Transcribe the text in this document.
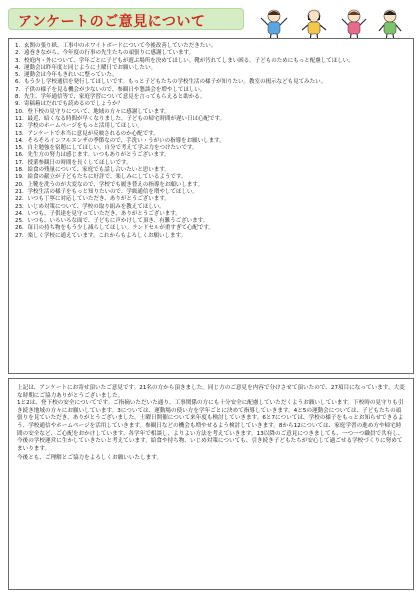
アンケートのご意見について
1．玄関の張り紙、工事中のホワイトボードについて今後改善していただきたい。
2．遠巻きながら、今年度の行事の先生たちの頑張りに感謝しています。
3．校庭内・外について、学年ごとに子どもが遊ぶ場所を決めてほしい。靴が汚れてしまい困る。子どものためにもっと配慮してほしい。
4．運動会は昨年度と同じように土曜日でお願いしたい。
5．運動会は今年もきれいに整っていた。
6．もう少し学校通信を発行してほしいです。もっと子どもたちの学校生活の様子が知りたい。教室の掲示なども見てみたい。
7．子供の様子を見る機会が少ないので、参観日や懇談会を増やしてほしい。
8．先生、学年通信等で、家庭学習について意見を言ってもらえると助かる。
9．寄稿箱はだれでも読めるのでしょうか？
10．登下校の見守りについて、地域の方々に感謝しています。
11．最近、暗くなる時間が早くなりました。子どもの帰宅時間が遅い日は心配です。
12．学校のホームページをもっと活用してほしい。
13．アンケートで本当に意見が反映されるのか心配です。
14．そろそろインフルエンザの季節なので、手洗い・うがいの指導をお願いします。
15．自主勉強を宿題にしてほしい。自分で考えて学ぶ力をつけたいです。
16．先生方の努力は感じます。いつもありがとうございます。
17．授業参観日の時間を長くしてほしいです。
18．給食の残量について、家庭でも話し合いたいと思います。
19．給食の献立が子どもたちに好評で、楽しみにしているようです。
20．上靴を洗うのが大変なので、学校でも履き替えの指導をお願いします。
21．学校生活の様子をもっと知りたいので、学級通信を増やしてほしい。
22．いつも丁寧に対応していただき、ありがとうございます。
23．いじめ対策について、学校の取り組みを教えてほしい。
24．いつも、子供達を見守っていただき、ありがとうございます。
25．いつも、いろいろな面で、子どもに声かけして頂き、有難うございます。
26．毎日の持ち物をもう少し減らしてほしい。ランドセルが重すぎて心配です。
27．楽しく学校に通えています。これからもよろしくお願いします。

上記は、アンケートにお寄せ頂いたご意見です。21名の方から頂きました。同じ方のご意見を内容で分けさせて頂いたので、27項目になっています。大変な時期にご協力ありがとうございました。

1と2は、登下校の安全についてです。ご指摘いただいた通り、工事関係の方にも十分安全に配慮していただくようお願いしています。下校時の見守りも引き続き地域の方々にお願いしています。3については、運動場の使い方を学年ごとに決めて指導していきます。4と5の運動会については、子どもたちの頑張りを見ていただき、ありがとうございました。土曜日開催について来年度も検討していきます。6と7については、学校の様子をもっとお知らせできるよう、学校通信やホームページを活用していきます。参観日などの機会も増やせるよう検討していきます。8から12については、家庭学習の進め方や帰宅時間の安全など、ご心配をおかけしています。各学年で相談し、よりよい方法を考えていきます。13以降のご意見につきましても、一つ一つ職員で共有し、今後の学校運営に生かしていきたいと考えています。給食や持ち物、いじめ対策についても、引き続き子どもたちが安心して過ごせる学校づくりに努めてまいります。

今後とも、ご理解とご協力をよろしくお願いいたします。
